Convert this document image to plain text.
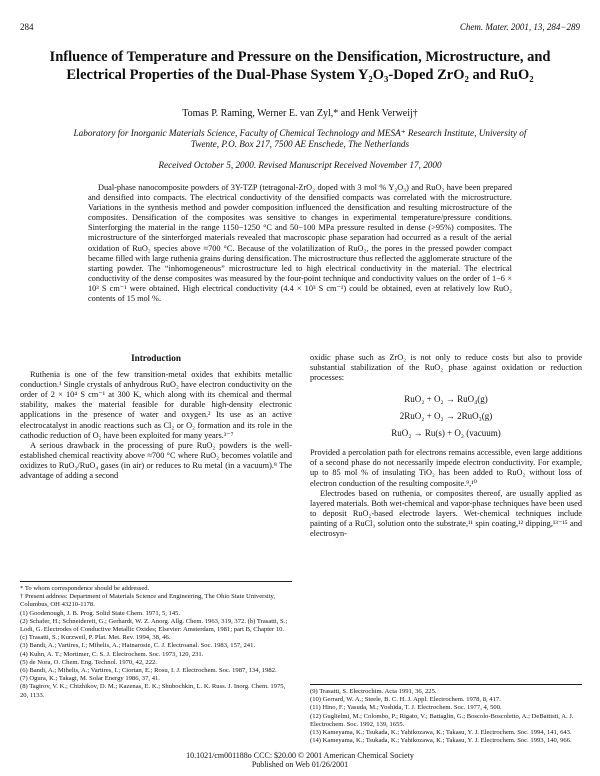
284	Chem. Mater. 2001, 13, 284−289
Influence of Temperature and Pressure on the Densification, Microstructure, and Electrical Properties of the Dual-Phase System Y₂O₃-Doped ZrO₂ and RuO₂
Tomas P. Raming, Werner E. van Zyl,* and Henk Verweij†
Laboratory for Inorganic Materials Science, Faculty of Chemical Technology and MESA⁺ Research Institute, University of Twente, P.O. Box 217, 7500 AE Enschede, The Netherlands
Received October 5, 2000. Revised Manuscript Received November 17, 2000
Dual-phase nanocomposite powders of 3Y-TZP (tetragonal-ZrO₂ doped with 3 mol % Y₂O₃) and RuO₂ have been prepared and densified into compacts. The electrical conductivity of the densified compacts was correlated with the microstructure. Variations in the synthesis method and powder composition influenced the densification and resulting microstructure of the composites. Densification of the composites was sensitive to changes in experimental temperature/pressure conditions. Sinterforging the material in the range 1150−1250 °C and 50−100 MPa pressure resulted in dense (>95%) composites. The microstructure of the sinterforged materials revealed that macroscopic phase separation had occurred as a result of the aerial oxidation of RuO₂ species above ≈700 °C. Because of the volatilization of RuO₂, the pores in the pressed powder compact became filled with large ruthenia grains during densification. The microstructure thus reflected the agglomerate structure of the starting powder. The “inhomogeneous” microstructure led to high electrical conductivity in the material. The electrical conductivity of the dense composites was measured by the four-point technique and conductivity values on the order of 1−6 × 10³ S cm⁻¹ were obtained. High electrical conductivity (4.4 × 10³ S cm⁻¹) could be obtained, even at relatively low RuO₂ contents of 15 mol %.
Introduction

Ruthenia is one of the few transition-metal oxides that exhibits metallic conduction.¹ Single crystals of anhydrous RuO₂ have electron conductivity on the order of 2 × 10⁴ S cm⁻¹ at 300 K, which along with its chemical and thermal stability, makes the material feasible for durable high-density electronic applications in the presence of water and oxygen.² Its use as an active electrocatalyst in anodic reactions such as Cl₂ or O₂ formation and its role in the cathodic reduction of O₂ have been exploited for many years.³⁻⁷

A serious drawback in the processing of pure RuO₂ powders is the well-established chemical reactivity above ≈700 °C where RuO₂ becomes volatile and oxidizes to RuO₃/RuO₄ gases (in air) or reduces to Ru metal (in a vacuum).⁸ The advantage of adding a second

oxidic phase such as ZrO₂ is not only to reduce costs but also to provide substantial stabilization of the RuO₂ phase against oxidation or reduction processes:

RuO₂ + O₂ → RuO₄(g)
2RuO₂ + O₂ → 2RuO₃(g)
RuO₂ → Ru(s) + O₂ (vacuum)

Provided a percolation path for electrons remains accessible, even large additions of a second phase do not necessarily impede electron conductivity. For example, up to 85 mol % of insulating TiO₂ has been added to RuO₂ without loss of electron conduction of the resulting composite.⁹,¹⁰

Electrodes based on ruthenia, or composites thereof, are usually applied as layered materials. Both wet-chemical and vapor-phase techniques have been used to deposit RuO₂-based electrode layers. Wet-chemical techniques include painting of a RuCl₃ solution onto the substrate,¹¹ spin coating,¹² dipping,¹³⁻¹⁵ and electrosyn-

* To whom correspondence should be addressed.
† Present address: Department of Materials Science and Engineering, The Ohio State University, Columbus, OH 43210-1178.
(1) Goodenough, J. B. Prog. Solid State Chem. 1971, 5, 145.
(2) Schafer, H.; Schneidereit, G.; Gerhardt, W. Z. Anorg. Allg. Chem. 1963, 319, 372. (b) Trasatti, S.; Lodi, G. Electrodes of Conductive Metallic Oxides; Elsevier: Amsterdam, 1981; part B, Chapter 10. (c) Trasatti, S.; Kurzweil, P. Plat. Met. Rev. 1994, 38, 46.
(3) Bandi, A.; Vartires, I.; Mihelis, A.; Hainarosie, C. J. Electroanal. Soc. 1983, 157, 241.
(4) Kuhn, A. T.; Mortimer, C. S. J. Electrochem. Soc. 1973, 120, 231.
(5) de Nora, O. Chem. Eng. Technol. 1970, 42, 222.
(6) Bandi, A.; Mihelis, A.; Vartires, I.; Ciortan, E.; Rosu, I. J. Electrochem. Soc. 1987, 134, 1982.
(7) Ogura, K.; Takagi, M. Solar Energy 1986, 37, 41.
(8) Tagirov, V. K.; Chizhikov, D. M.; Kazenas, E. K.; Shubochkin, L. K. Russ. J. Inorg. Chem. 1975, 20, 1133.
(9) Trasatti, S. Electrochim. Acta 1991, 36, 225.
(10) Gerrard, W. A.; Steele, B. C. H. J. Appl. Electrochem. 1978, 8, 417.
(11) Hino, F.; Yasuda, M.; Yoshida, T. J. Electrochem. Soc. 1977, 4, 500.
(12) Guglielmi, M.; Colombo, P.; Rigato, V.; Battaglin, G.; Boscolo-Boscoletto, A.; DeBattisti, A. J. Electrochem. Soc. 1992, 139, 1655.
(13) Kameyama, K.; Tsukada, K.; Yahikozawa, K.; Takasu, Y. J. Electrochem. Soc. 1994, 141, 643.
(14) Kameyama, K.; Tsukada, K.; Yahikozawa, K.; Takasu, Y. J. Electrochem. Soc. 1993, 140, 966.
10.1021/cm001188o CCC: $20.00 © 2001 American Chemical Society
Published on Web 01/26/2001
